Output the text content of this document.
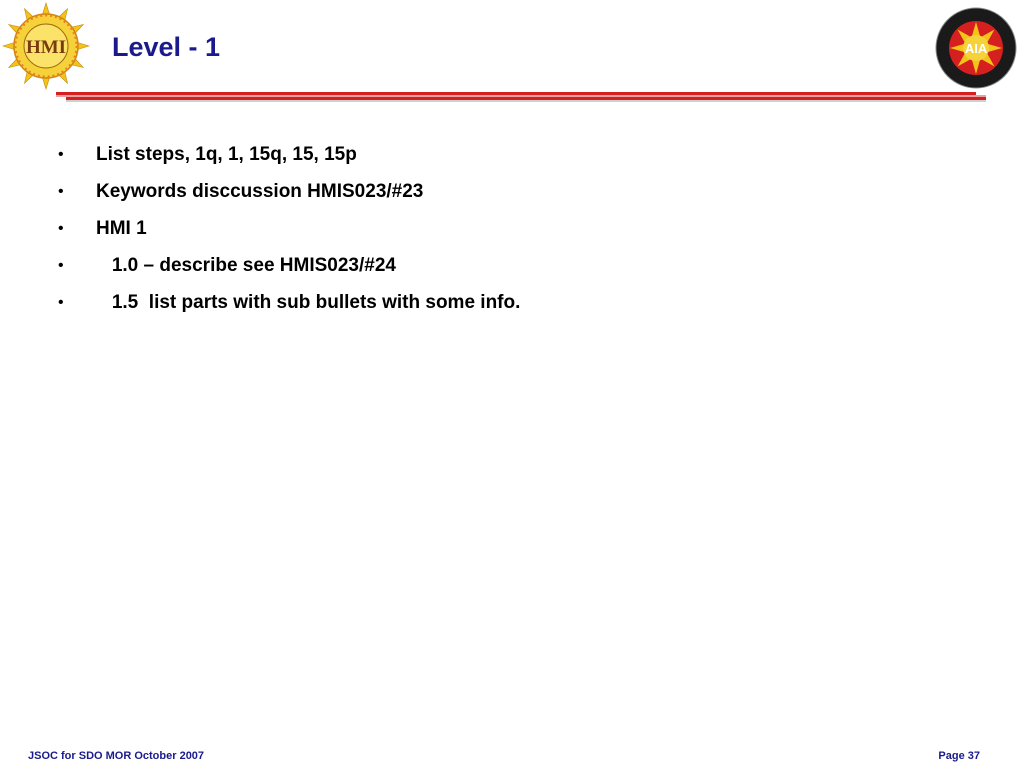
HMI Level - 1	AIA
• List steps, 1q, 1, 15q, 15, 15p
• Keywords disccussion HMIS023/#23
• HMI 1
• 1.0 – describe see HMIS023/#24
• 1.5  list parts with sub bullets with some info.
JSOC for SDO MOR October 2007	Page 37
